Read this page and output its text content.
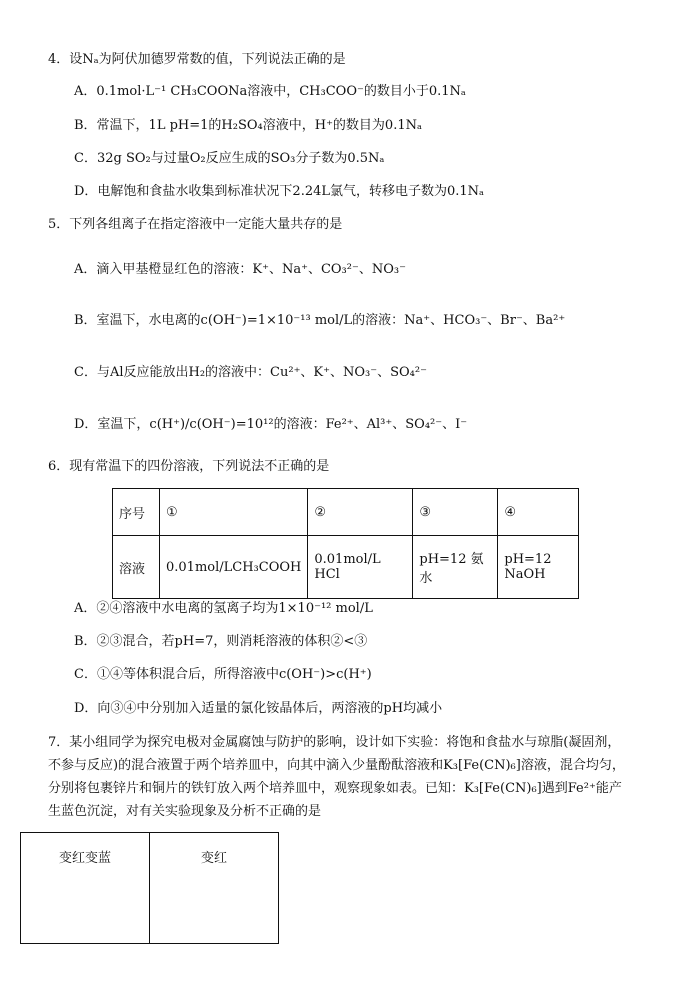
4．设Nₐ为阿伏加德罗常数的值，下列说法正确的是
A．0.1mol·L⁻¹ CH₃COONa溶液中，CH₃COO⁻的数目小于0.1Nₐ
B．常温下，1L pH=1的H₂SO₄溶液中，H⁺的数目为0.1Nₐ
C．32g SO₂与过量O₂反应生成的SO₃分子数为0.5Nₐ
D．电解饱和食盐水收集到标准状况下2.24L氯气，转移电子数为0.1Nₐ
5．下列各组离子在指定溶液中一定能大量共存的是
A．滴入甲基橙显红色的溶液：K⁺、Na⁺、CO₃²⁻、NO₃⁻
B．室温下，水电离的c(OH⁻)=1×10⁻¹³ mol/L的溶液：Na⁺、HCO₃⁻、Br⁻、Ba²⁺
C．与Al反应能放出H₂的溶液中：Cu²⁺、K⁺、NO₃⁻、SO₄²⁻
D．室温下，c(H⁺)/c(OH⁻)=10¹²的溶液：Fe²⁺、Al³⁺、SO₄²⁻、I⁻
6．现有常温下的四份溶液，下列说法不正确的是
序号	①	②	③	④
溶液	0.01mol/LCH₃COOH	0.01mol/L HCl	pH=12 氨水	pH=12 NaOH
A．②④溶液中水电离的氢离子均为1×10⁻¹² mol/L
B．②③混合，若pH=7，则消耗溶液的体积②<③
C．①④等体积混合后，所得溶液中c(OH⁻)>c(H⁺)
D．向③④中分别加入适量的氯化铵晶体后，两溶液的pH均减小
7．某小组同学为探究电极对金属腐蚀与防护的影响，设计如下实验：将饱和食盐水与琼脂(凝固剂，
不参与反应)的混合液置于两个培养皿中，向其中滴入少量酚酞溶液和K₃[Fe(CN)₆]溶液，混合均匀，
分别将包裹锌片和铜片的铁钉放入两个培养皿中，观察现象如表。已知：K₃[Fe(CN)₆]遇到Fe²⁺能产
生蓝色沉淀，对有关实验现象及分析不正确的是
变红变蓝	变红
